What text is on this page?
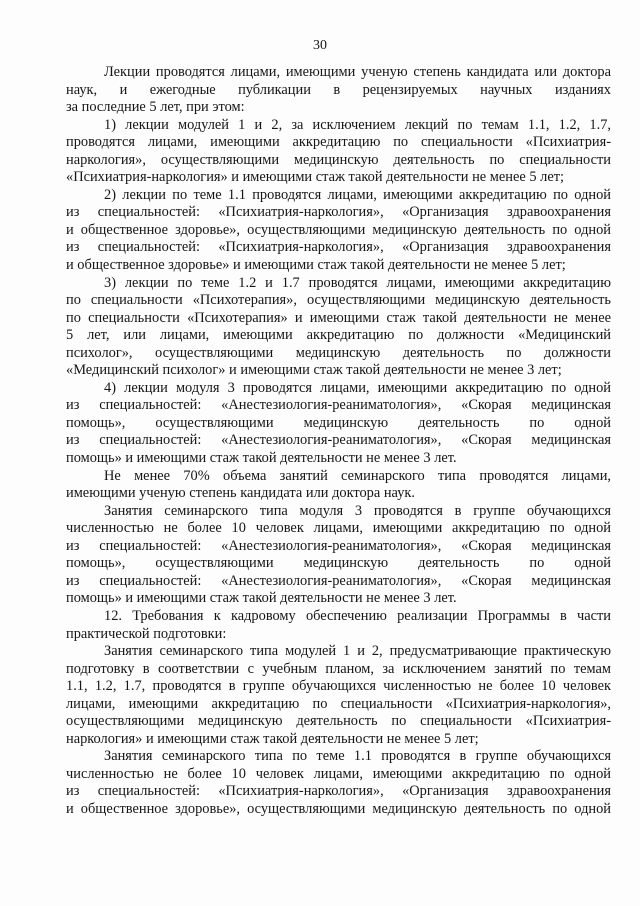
30
Лекции проводятся лицами, имеющими ученую степень кандидата или доктора
наук, и ежегодные публикации в рецензируемых научных изданиях
за последние 5 лет, при этом:
1) лекции модулей 1 и 2, за исключением лекций по темам 1.1, 1.2, 1.7,
проводятся лицами, имеющими аккредитацию по специальности «Психиатрия-
наркология», осуществляющими медицинскую деятельность по специальности
«Психиатрия-наркология» и имеющими стаж такой деятельности не менее 5 лет;
2) лекции по теме 1.1 проводятся лицами, имеющими аккредитацию по одной
из специальностей: «Психиатрия-наркология», «Организация здравоохранения
и общественное здоровье», осуществляющими медицинскую деятельность по одной
из специальностей: «Психиатрия-наркология», «Организация здравоохранения
и общественное здоровье» и имеющими стаж такой деятельности не менее 5 лет;
3) лекции по теме 1.2 и 1.7 проводятся лицами, имеющими аккредитацию
по специальности «Психотерапия», осуществляющими медицинскую деятельность
по специальности «Психотерапия» и имеющими стаж такой деятельности не менее
5 лет, или лицами, имеющими аккредитацию по должности «Медицинский
психолог», осуществляющими медицинскую деятельность по должности
«Медицинский психолог» и имеющими стаж такой деятельности не менее 3 лет;
4) лекции модуля 3 проводятся лицами, имеющими аккредитацию по одной
из специальностей: «Анестезиология-реаниматология», «Скорая медицинская
помощь», осуществляющими медицинскую деятельность по одной
из специальностей: «Анестезиология-реаниматология», «Скорая медицинская
помощь» и имеющими стаж такой деятельности не менее 3 лет.
Не менее 70% объема занятий семинарского типа проводятся лицами,
имеющими ученую степень кандидата или доктора наук.
Занятия семинарского типа модуля 3 проводятся в группе обучающихся
численностью не более 10 человек лицами, имеющими аккредитацию по одной
из специальностей: «Анестезиология-реаниматология», «Скорая медицинская
помощь», осуществляющими медицинскую деятельность по одной
из специальностей: «Анестезиология-реаниматология», «Скорая медицинская
помощь» и имеющими стаж такой деятельности не менее 3 лет.
12. Требования к кадровому обеспечению реализации Программы в части
практической подготовки:
Занятия семинарского типа модулей 1 и 2, предусматривающие практическую
подготовку в соответствии с учебным планом, за исключением занятий по темам
1.1, 1.2, 1.7, проводятся в группе обучающихся численностью не более 10 человек
лицами, имеющими аккредитацию по специальности «Психиатрия-наркология»,
осуществляющими медицинскую деятельность по специальности «Психиатрия-
наркология» и имеющими стаж такой деятельности не менее 5 лет;
Занятия семинарского типа по теме 1.1 проводятся в группе обучающихся
численностью не более 10 человек лицами, имеющими аккредитацию по одной
из специальностей: «Психиатрия-наркология», «Организация здравоохранения
и общественное здоровье», осуществляющими медицинскую деятельность по одной
